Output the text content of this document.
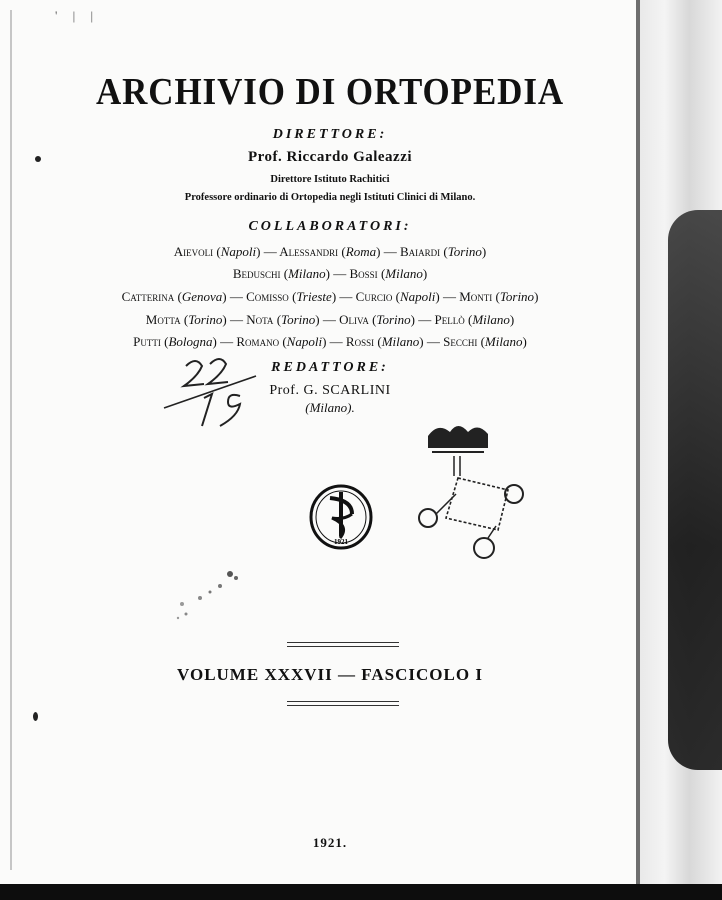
' | |
ARCHIVIO DI ORTOPEDIA
DIRETTORE:
Prof. Riccardo Galeazzi
Direttore Istituto Rachitici
Professore ordinario di Ortopedia negli Istituti Clinici di Milano.
COLLABORATORI:
Aievoli (Napoli) — Alessandri (Roma) — Baiardi (Torino)
Beduschi (Milano) — Bossi (Milano)
Catterina (Genova) — Comisso (Trieste) — Curcio (Napoli) — Monti (Torino)
Motta (Torino) — Nota (Torino) — Oliva (Torino) — Pellò (Milano)
Putti (Bologna) — Romano (Napoli) — Rossi (Milano) — Secchi (Milano)
REDATTORE:
Prof. G. SCARLINI
(Milano).
1921
VOLUME XXXVII — FASCICOLO I
1921.
